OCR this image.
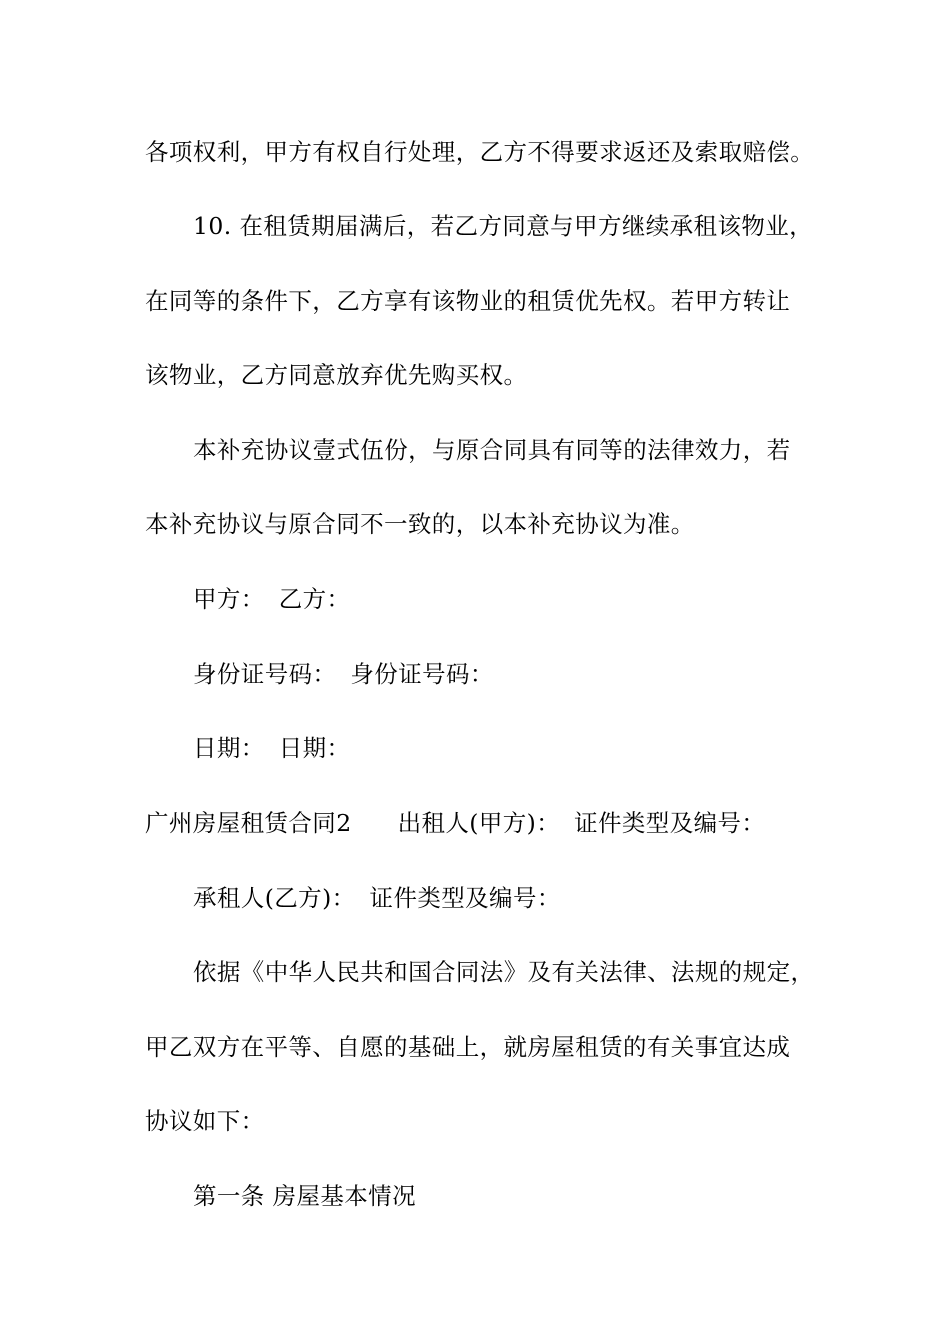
各项权利，甲方有权自行处理，乙方不得要求返还及索取赔偿。
10. 在租赁期届满后，若乙方同意与甲方继续承租该物业，
在同等的条件下，乙方享有该物业的租赁优先权。若甲方转让
该物业，乙方同意放弃优先购买权。
本补充协议壹式伍份，与原合同具有同等的法律效力，若
本补充协议与原合同不一致的，以本补充协议为准。
甲方： 乙方：
身份证号码： 身份证号码：
日期： 日期：
广州房屋租赁合同2 出租人(甲方)： 证件类型及编号：
承租人(乙方)： 证件类型及编号：
依据《中华人民共和国合同法》及有关法律、法规的规定，
甲乙双方在平等、自愿的基础上，就房屋租赁的有关事宜达成
协议如下：
第一条 房屋基本情况
